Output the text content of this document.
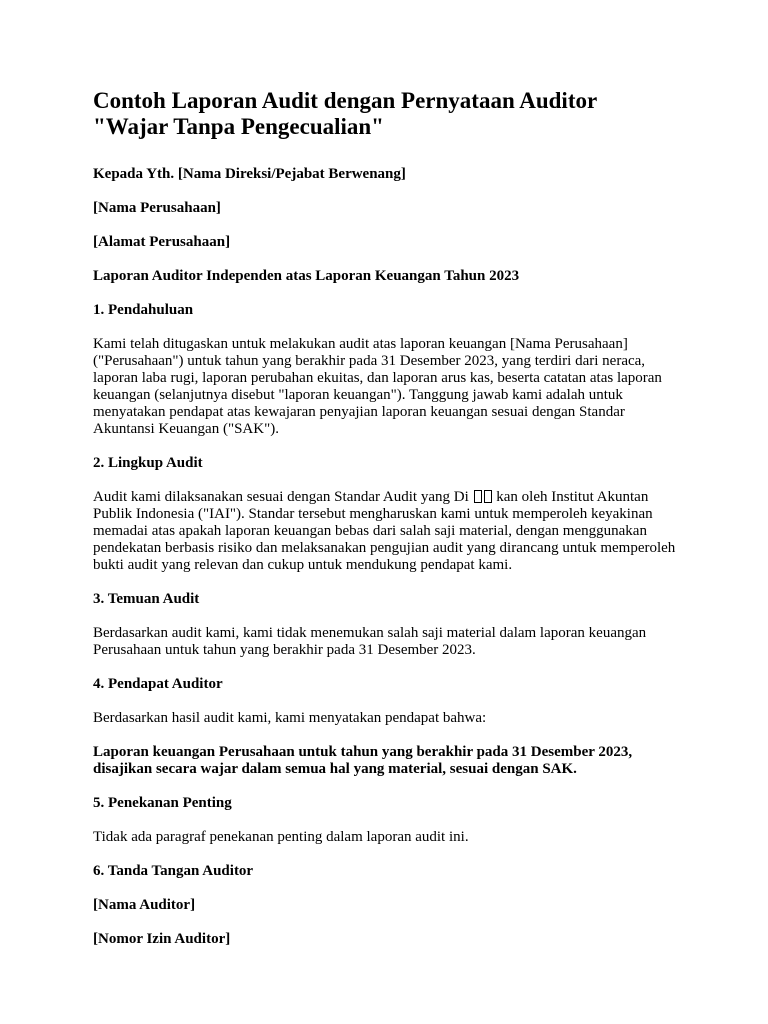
Contoh Laporan Audit dengan Pernyataan Auditor
"Wajar Tanpa Pengecualian"

Kepada Yth. [Nama Direksi/Pejabat Berwenang]

[Nama Perusahaan]

[Alamat Perusahaan]

Laporan Auditor Independen atas Laporan Keuangan Tahun 2023

1. Pendahuluan

Kami telah ditugaskan untuk melakukan audit atas laporan keuangan [Nama Perusahaan] ("Perusahaan") untuk tahun yang berakhir pada 31 Desember 2023, yang terdiri dari neraca, laporan laba rugi, laporan perubahan ekuitas, dan laporan arus kas, beserta catatan atas laporan keuangan (selanjutnya disebut "laporan keuangan"). Tanggung jawab kami adalah untuk menyatakan pendapat atas kewajaran penyajian laporan keuangan sesuai dengan Standar Akuntansi Keuangan ("SAK").

2. Lingkup Audit

Audit kami dilaksanakan sesuai dengan Standar Audit yang Di kan oleh Institut Akuntan Publik Indonesia ("IAI"). Standar tersebut mengharuskan kami untuk memperoleh keyakinan memadai atas apakah laporan keuangan bebas dari salah saji material, dengan menggunakan pendekatan berbasis risiko dan melaksanakan pengujian audit yang dirancang untuk memperoleh bukti audit yang relevan dan cukup untuk mendukung pendapat kami.

3. Temuan Audit

Berdasarkan audit kami, kami tidak menemukan salah saji material dalam laporan keuangan Perusahaan untuk tahun yang berakhir pada 31 Desember 2023.

4. Pendapat Auditor

Berdasarkan hasil audit kami, kami menyatakan pendapat bahwa:

Laporan keuangan Perusahaan untuk tahun yang berakhir pada 31 Desember 2023, disajikan secara wajar dalam semua hal yang material, sesuai dengan SAK.

5. Penekanan Penting

Tidak ada paragraf penekanan penting dalam laporan audit ini.

6. Tanda Tangan Auditor

[Nama Auditor]

[Nomor Izin Auditor]
